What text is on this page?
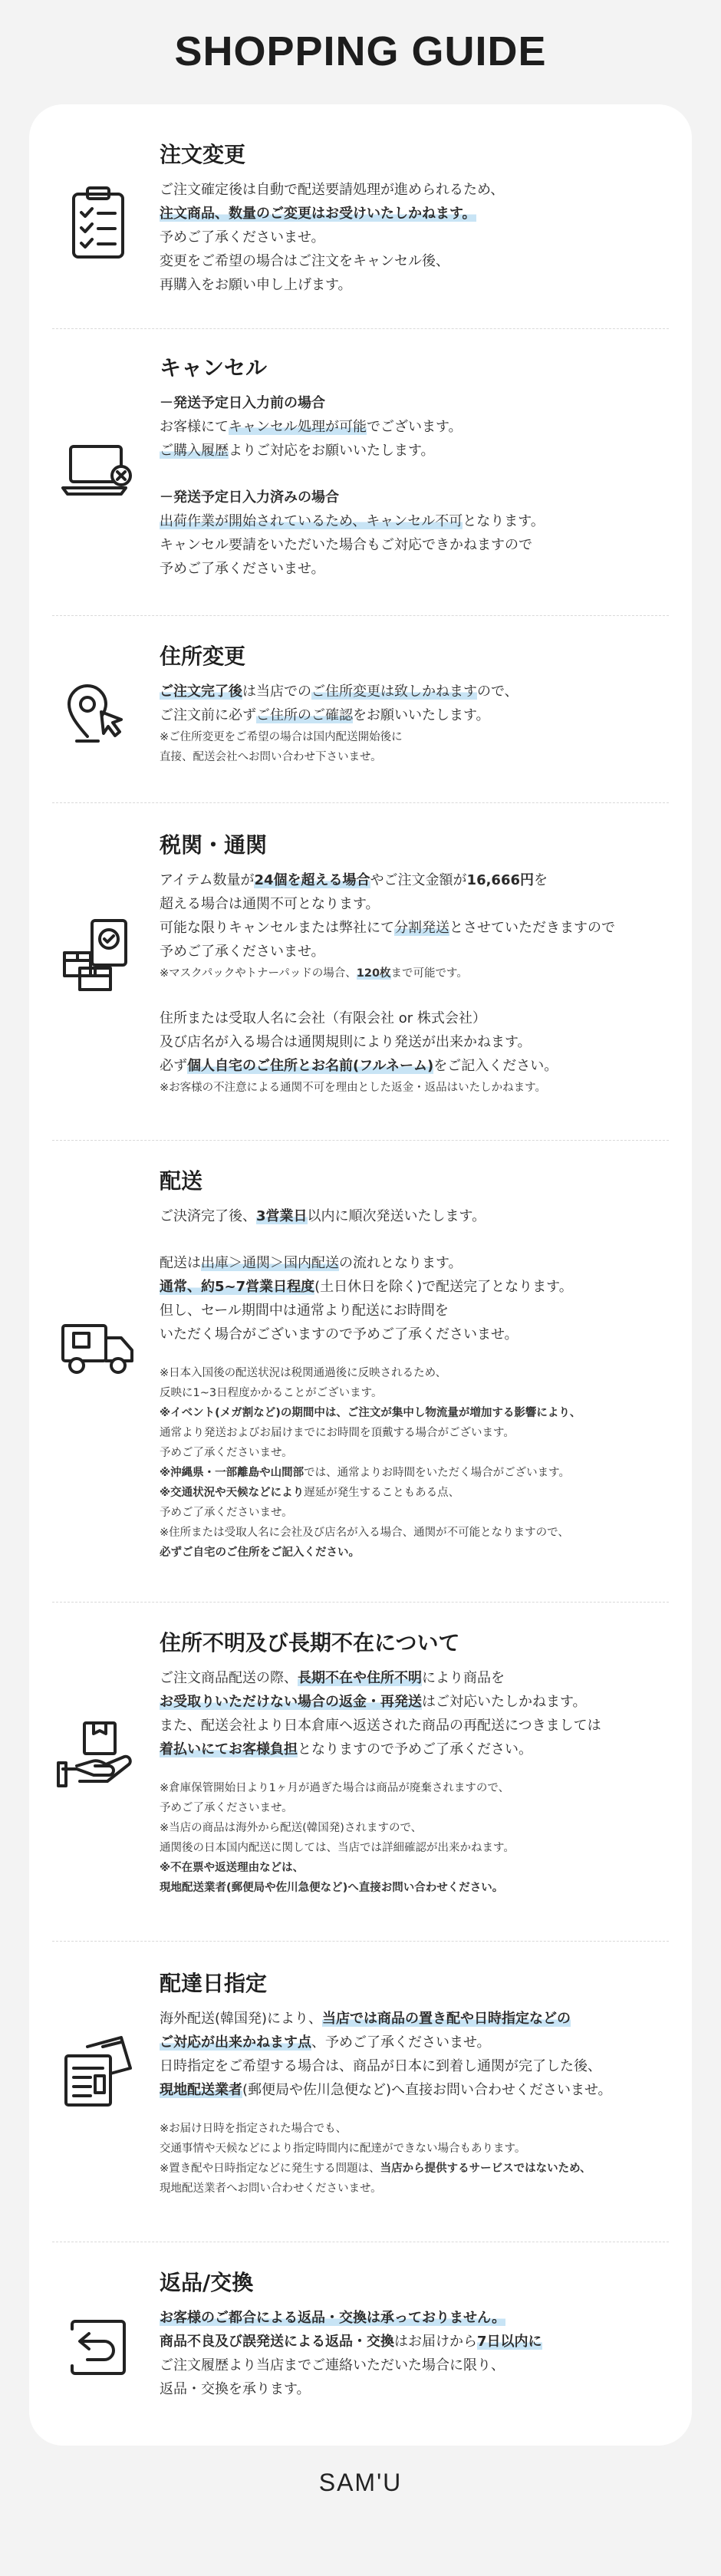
SHOPPING GUIDE
注文変更
ご注文確定後は自動で配送要請処理が進められるため、
注文商品、数量のご変更はお受けいたしかねます。
予めご了承くださいませ。
変更をご希望の場合はご注文をキャンセル後、
再購入をお願い申し上げます。
キャンセル
－発送予定日入力前の場合
お客様にてキャンセル処理が可能でございます。
ご購入履歴よりご対応をお願いいたします。
－発送予定日入力済みの場合
出荷作業が開始されているため、キャンセル不可となります。
キャンセル要請をいただいた場合もご対応できかねますので
予めご了承くださいませ。
住所変更
ご注文完了後は当店でのご住所変更は致しかねますので、
ご注文前に必ずご住所のご確認をお願いいたします。
※ご住所変更をご希望の場合は国内配送開始後に
直接、配送会社へお問い合わせ下さいませ。
税関・通関
アイテム数量が24個を超える場合やご注文金額が16,666円を
超える場合は通関不可となります。
可能な限りキャンセルまたは弊社にて分割発送とさせていただきますので
予めご了承くださいませ。
※マスクパックやトナーパッドの場合、120枚まで可能です。
住所または受取人名に会社（有限会社 or 株式会社）
及び店名が入る場合は通関規則により発送が出来かねます。
必ず個人自宅のご住所とお名前(フルネーム)をご記入ください。
※お客様の不注意による通関不可を理由とした返金・返品はいたしかねます。
配送
ご決済完了後、3営業日以内に順次発送いたします。
配送は出庫＞通関＞国内配送の流れとなります。
通常、約5~7営業日程度(土日休日を除く)で配送完了となります。
但し、セール期間中は通常より配送にお時間を
いただく場合がございますので予めご了承くださいませ。
※日本入国後の配送状況は税関通過後に反映されるため、
反映に1~3日程度かかることがございます。
※イベント(メガ割など)の期間中は、ご注文が集中し物流量が増加する影響により、
通常より発送およびお届けまでにお時間を頂戴する場合がございます。
予めご了承くださいませ。
※沖縄県・一部離島や山間部では、通常よりお時間をいただく場合がございます。
※交通状況や天候などにより遅延が発生することもある点、
予めご了承くださいませ。
※住所または受取人名に会社及び店名が入る場合、通関が不可能となりますので、
必ずご自宅のご住所をご記入ください。
住所不明及び長期不在について
ご注文商品配送の際、長期不在や住所不明により商品を
お受取りいただけない場合の返金・再発送はご対応いたしかねます。
また、配送会社より日本倉庫へ返送された商品の再配送につきましては
着払いにてお客様負担となりますので予めご了承ください。
※倉庫保管開始日より1ヶ月が過ぎた場合は商品が廃棄されますので、
予めご了承くださいませ。
※当店の商品は海外から配送(韓国発)されますので、
通関後の日本国内配送に関しては、当店では詳細確認が出来かねます。
※不在票や返送理由などは、
現地配送業者(郵便局や佐川急便など)へ直接お問い合わせください。
配達日指定
海外配送(韓国発)により、当店では商品の置き配や日時指定などの
ご対応が出来かねます点、予めご了承くださいませ。
日時指定をご希望する場合は、商品が日本に到着し通関が完了した後、
現地配送業者(郵便局や佐川急便など)へ直接お問い合わせくださいませ。
※お届け日時を指定された場合でも、
交通事情や天候などにより指定時間内に配達ができない場合もあります。
※置き配や日時指定などに発生する問題は、当店から提供するサービスではないため、
現地配送業者へお問い合わせくださいませ。
返品/交換
お客様のご都合による返品・交換は承っておりません。
商品不良及び誤発送による返品・交換はお届けから7日以内に
ご注文履歴より当店までご連絡いただいた場合に限り、
返品・交換を承ります。
SAM'U
